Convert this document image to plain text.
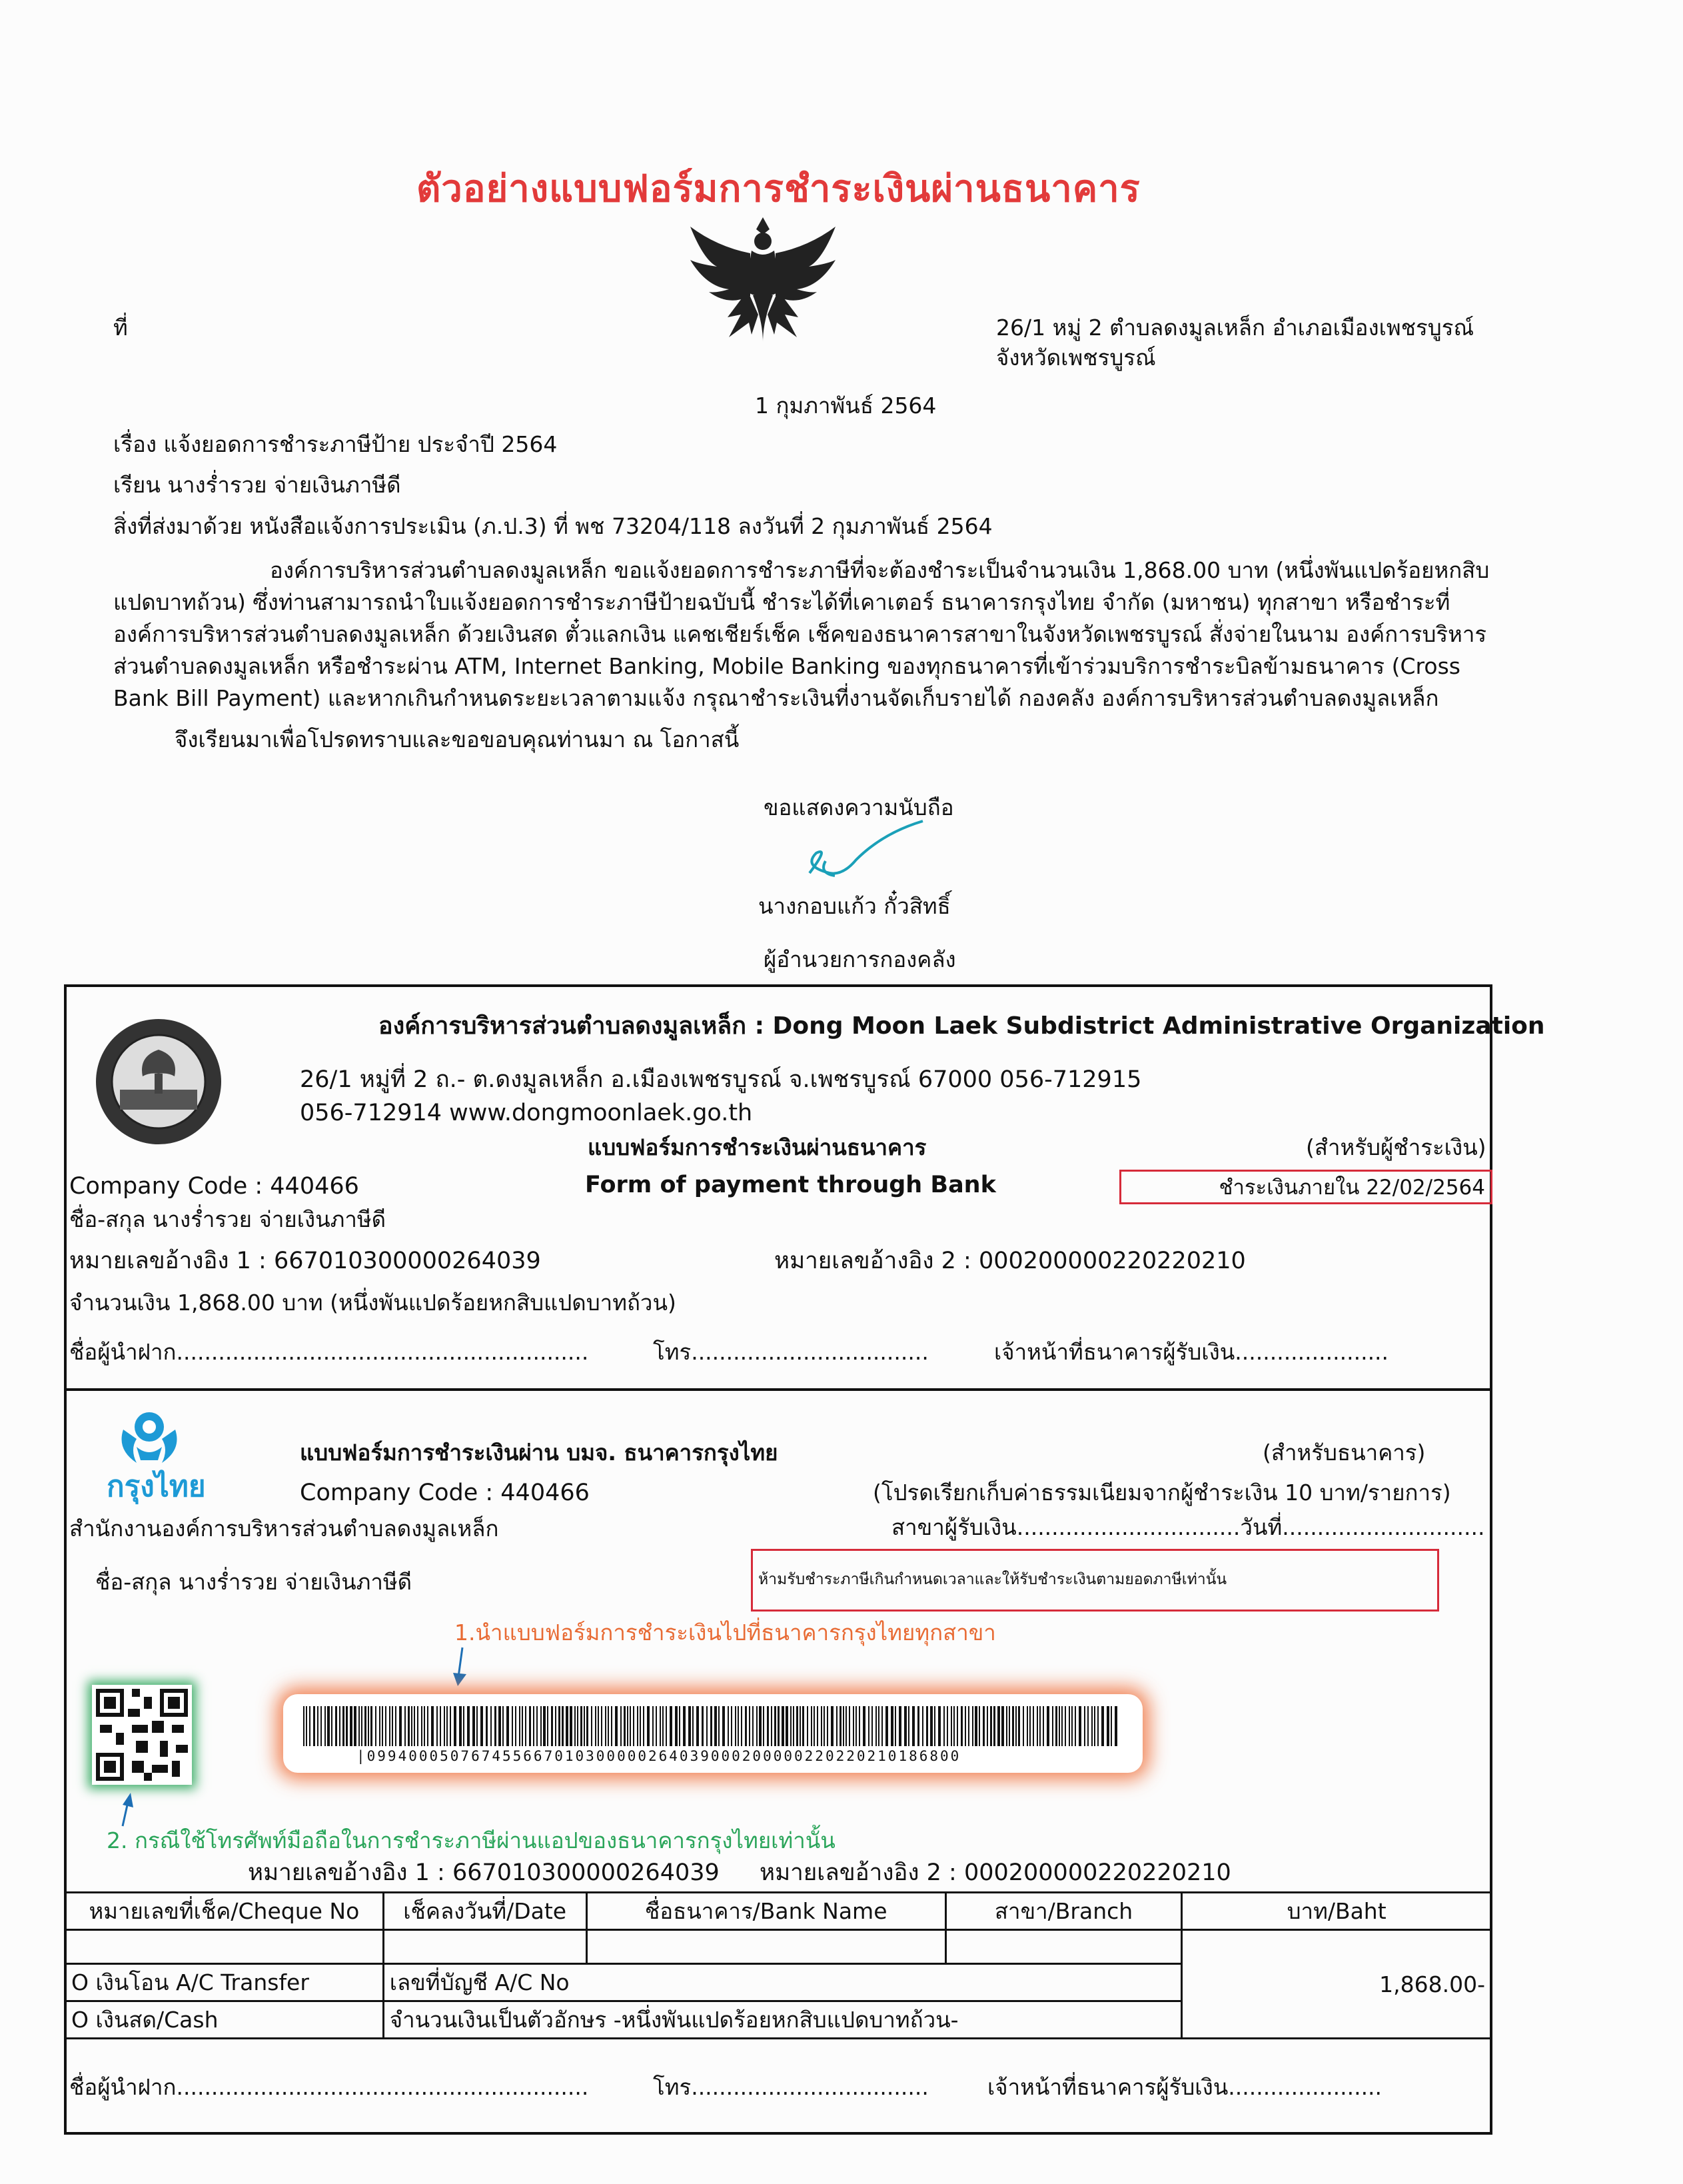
ตัวอย่างแบบฟอร์มการชำระเงินผ่านธนาคาร
ที่	26/1 หมู่ 2 ตำบลดงมูลเหล็ก อำเภอเมืองเพชรบูรณ์
จังหวัดเพชรบูรณ์
1 กุมภาพันธ์ 2564
เรื่อง แจ้งยอดการชำระภาษีป้าย ประจำปี 2564
เรียน นางร่ำรวย จ่ายเงินภาษีดี
สิ่งที่ส่งมาด้วย หนังสือแจ้งการประเมิน (ภ.ป.3) ที่ พช 73204/118 ลงวันที่ 2 กุมภาพันธ์ 2564
องค์การบริหารส่วนตำบลดงมูลเหล็ก ขอแจ้งยอดการชำระภาษีที่จะต้องชำระเป็นจำนวนเงิน 1,868.00 บาท (หนึ่งพันแปดร้อยหกสิบ
แปดบาทถ้วน) ซึ่งท่านสามารถนำใบแจ้งยอดการชำระภาษีป้ายฉบับนี้ ชำระได้ที่เคาเตอร์ ธนาคารกรุงไทย จำกัด (มหาชน) ทุกสาขา หรือชำระที่
องค์การบริหารส่วนตำบลดงมูลเหล็ก ด้วยเงินสด ตั๋วแลกเงิน แคชเชียร์เช็ค เช็คของธนาคารสาขาในจังหวัดเพชรบูรณ์ สั่งจ่ายในนาม องค์การบริหาร
ส่วนตำบลดงมูลเหล็ก หรือชำระผ่าน ATM, Internet Banking, Mobile Banking ของทุกธนาคารที่เข้าร่วมบริการชำระบิลข้ามธนาคาร (Cross
Bank Bill Payment) และหากเกินกำหนดระยะเวลาตามแจ้ง กรุณาชำระเงินที่งานจัดเก็บรายได้ กองคลัง องค์การบริหารส่วนตำบลดงมูลเหล็ก
จึงเรียนมาเพื่อโปรดทราบและขอขอบคุณท่านมา ณ โอกาสนี้
ขอแสดงความนับถือ
นางกอบแก้ว กั๋วสิทธิ์
ผู้อำนวยการกองคลัง
องค์การบริหารส่วนตำบลดงมูลเหล็ก : Dong Moon Laek Subdistrict Administrative Organization
26/1 หมู่ที่ 2 ถ.- ต.ดงมูลเหล็ก อ.เมืองเพชรบูรณ์ จ.เพชรบูรณ์ 67000 056-712915
056-712914 www.dongmoonlaek.go.th
แบบฟอร์มการชำระเงินผ่านธนาคาร	(สำหรับผู้ชำระเงิน)
Company Code : 440466	Form of payment through Bank	ชำระเงินภายใน 22/02/2564
ชื่อ-สกุล นางร่ำรวย จ่ายเงินภาษีดี
หมายเลขอ้างอิง 1 : 667010300000264039	หมายเลขอ้างอิง 2 : 000200000220220210
จำนวนเงิน 1,868.00 บาท (หนึ่งพันแปดร้อยหกสิบแปดบาทถ้วน)
ชื่อผู้นำฝาก...........................................................	โทร..................................	เจ้าหน้าที่ธนาคารผู้รับเงิน......................
กรุงไทย
แบบฟอร์มการชำระเงินผ่าน บมจ. ธนาคารกรุงไทย	(สำหรับธนาคาร)
Company Code : 440466	(โปรดเรียกเก็บค่าธรรมเนียมจากผู้ชำระเงิน 10 บาท/รายการ)
สำนักงานองค์การบริหารส่วนตำบลดงมูลเหล็ก	สาขาผู้รับเงิน................................วันที่.............................
ชื่อ-สกุล นางร่ำรวย จ่ายเงินภาษีดี	ห้ามรับชำระภาษีเกินกำหนดเวลาและให้รับชำระเงินตามยอดภาษีเท่านั้น
1.นำแบบฟอร์มการชำระเงินไปที่ธนาคารกรุงไทยทุกสาขา
|099400050767455667010300000264039000200000220220210186800
2. กรณีใช้โทรศัพท์มือถือในการชำระภาษีผ่านแอปของธนาคารกรุงไทยเท่านั้น
หมายเลขอ้างอิง 1 : 667010300000264039 หมายเลขอ้างอิง 2 : 000200000220220210
หมายเลขที่เช็ค/Cheque No	เช็คลงวันที่/Date	ชื่อธนาคาร/Bank Name	สาขา/Branch	บาท/Baht
				1,868.00-
O เงินโอน A/C Transfer	เลขที่บัญชี A/C No			
O เงินสด/Cash	จำนวนเงินเป็นตัวอักษร -หนึ่งพันแปดร้อยหกสิบแปดบาทถ้วน-			
ชื่อผู้นำฝาก...........................................................	โทร..................................	เจ้าหน้าที่ธนาคารผู้รับเงิน......................
